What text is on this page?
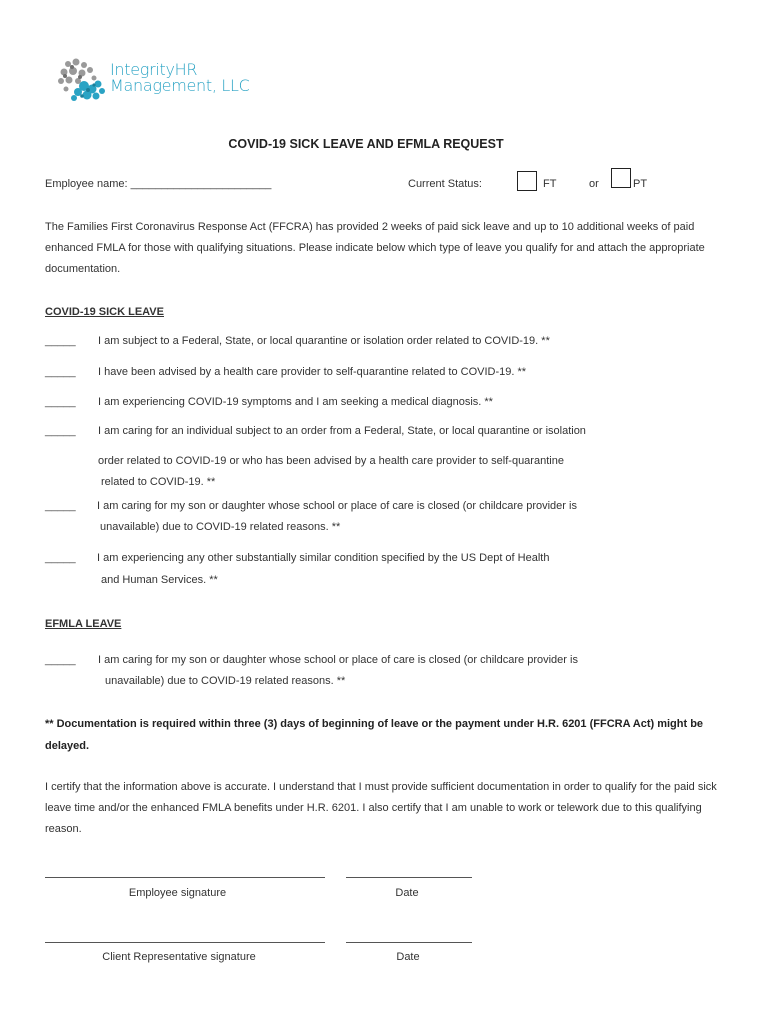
IntegrityHR
Management, LLC
COVID-19 SICK LEAVE AND EFMLA REQUEST
Employee name: _______________________	Current Status:	FT	or	PT
The Families First Coronavirus Response Act (FFCRA) has provided 2 weeks of paid sick leave and up to 10 additional weeks of paid enhanced FMLA for those with qualifying situations. Please indicate below which type of leave you qualify for and attach the appropriate documentation.
COVID-19 SICK LEAVE
_____ I am subject to a Federal, State, or local quarantine or isolation order related to COVID-19. **
_____ I have been advised by a health care provider to self-quarantine related to COVID-19. **
_____ I am experiencing COVID-19 symptoms and I am seeking a medical diagnosis. **
_____ I am caring for an individual subject to an order from a Federal, State, or local quarantine or isolation
order related to COVID-19 or who has been advised by a health care provider to self-quarantine
related to COVID-19. **
_____ I am caring for my son or daughter whose school or place of care is closed (or childcare provider is
unavailable) due to COVID-19 related reasons. **
_____ I am experiencing any other substantially similar condition specified by the US Dept of Health
and Human Services. **
EFMLA LEAVE
_____ I am caring for my son or daughter whose school or place of care is closed (or childcare provider is
unavailable) due to COVID-19 related reasons. **
** Documentation is required within three (3) days of beginning of leave or the payment under H.R. 6201 (FFCRA Act) might be delayed.
I certify that the information above is accurate. I understand that I must provide sufficient documentation in order to qualify for the paid sick leave time and/or the enhanced FMLA benefits under H.R. 6201. I also certify that I am unable to work or telework due to this qualifying reason.
Employee signature	Date
Client Representative signature	Date
